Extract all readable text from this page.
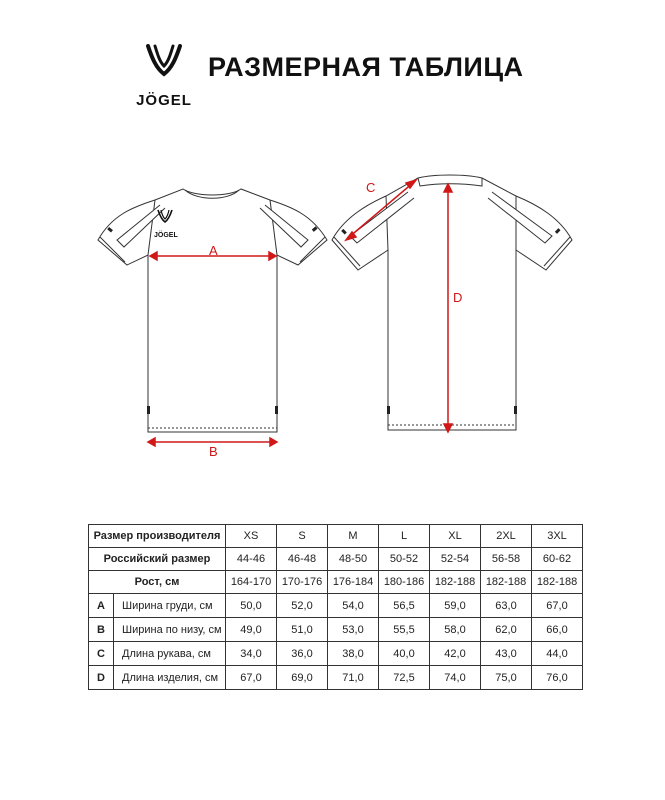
JÖGEL
РАЗМЕРНАЯ ТАБЛИЦА
A
B
C
D
JÖGEL
Размер производителя		XS	S	M	L	XL	2XL	3XL
Российский размер		44-46	46-48	48-50	50-52	52-54	56-58	60-62
Рост, см		164-170	170-176	176-184	180-186	182-188	182-188	182-188
A	Ширина груди, см	50,0	52,0	54,0	56,5	59,0	63,0	67,0
B	Ширина по низу, см	49,0	51,0	53,0	55,5	58,0	62,0	66,0
C	Длина рукава, см	34,0	36,0	38,0	40,0	42,0	43,0	44,0
D	Длина изделия, см	67,0	69,0	71,0	72,5	74,0	75,0	76,0
